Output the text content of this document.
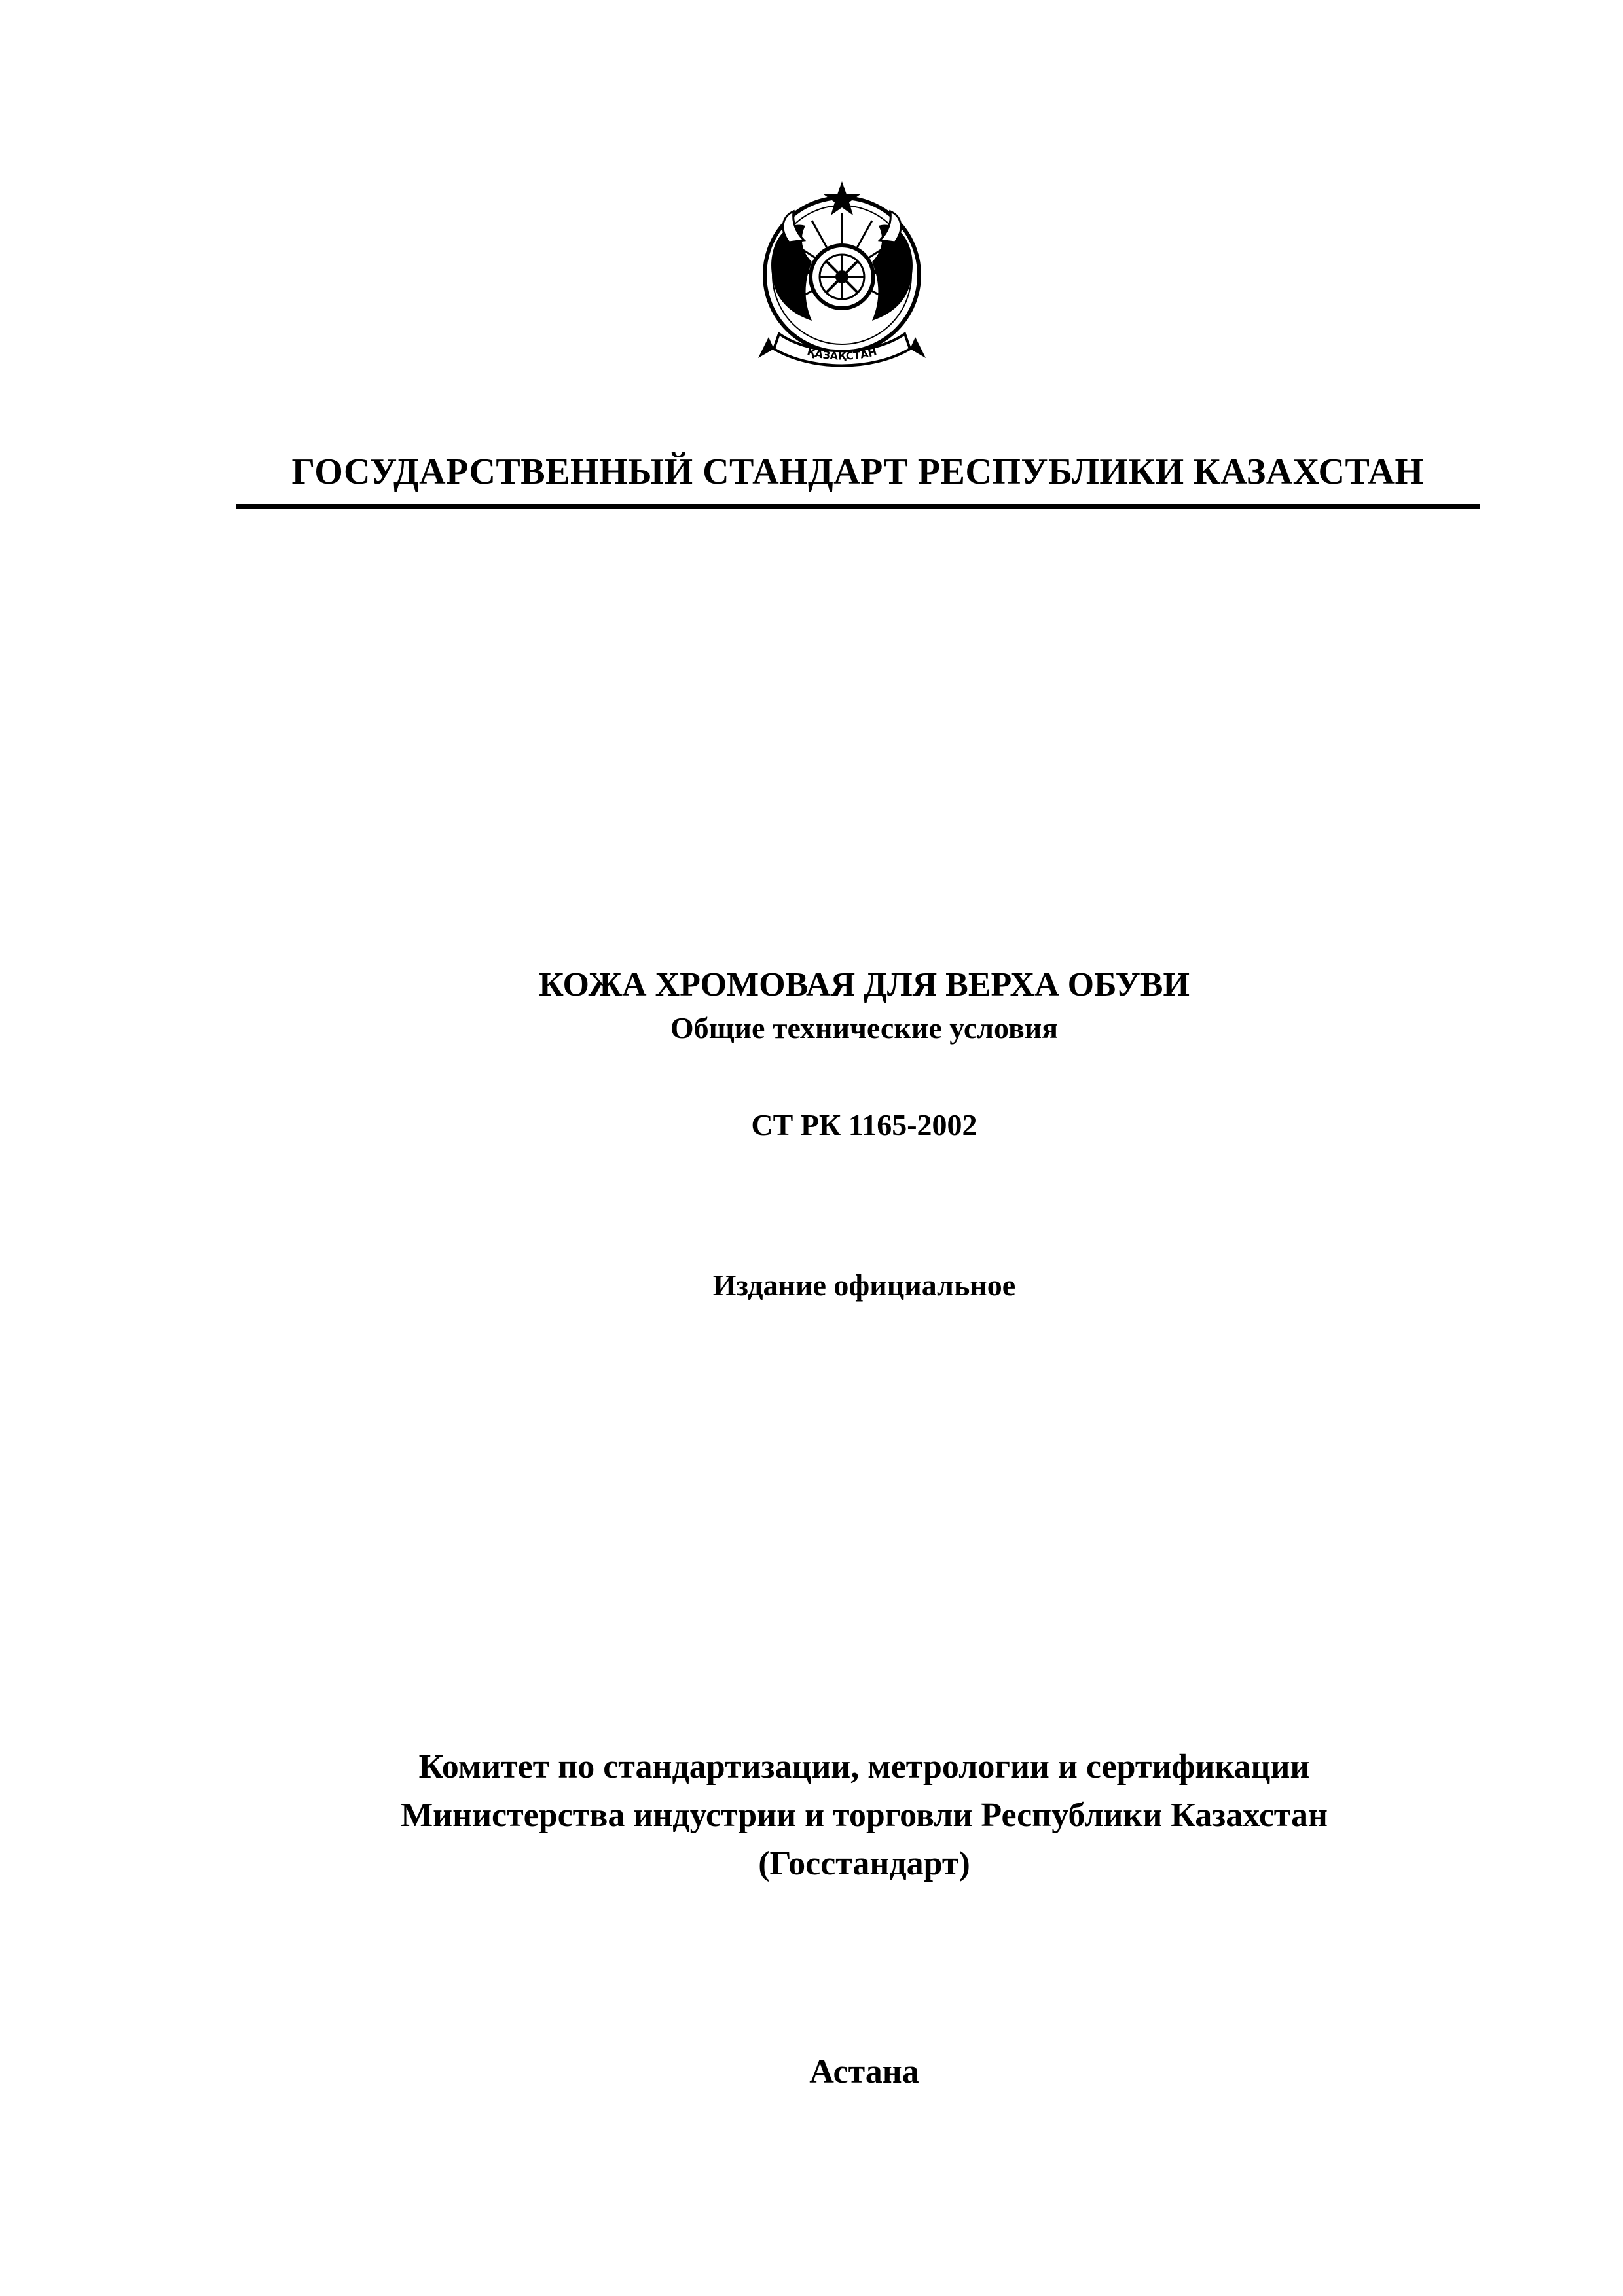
ҚАЗАҚСТАН
ГОСУДАРСТВЕННЫЙ СТАНДАРТ РЕСПУБЛИКИ КАЗАХСТАН
КОЖА ХРОМОВАЯ ДЛЯ ВЕРХА ОБУВИ
Общие технические условия
СТ РК 1165-2002
Издание официальное
Комитет по стандартизации, метрологии и сертификации
Министерства индустрии и торговли Республики Казахстан
(Госстандарт)
Астана
